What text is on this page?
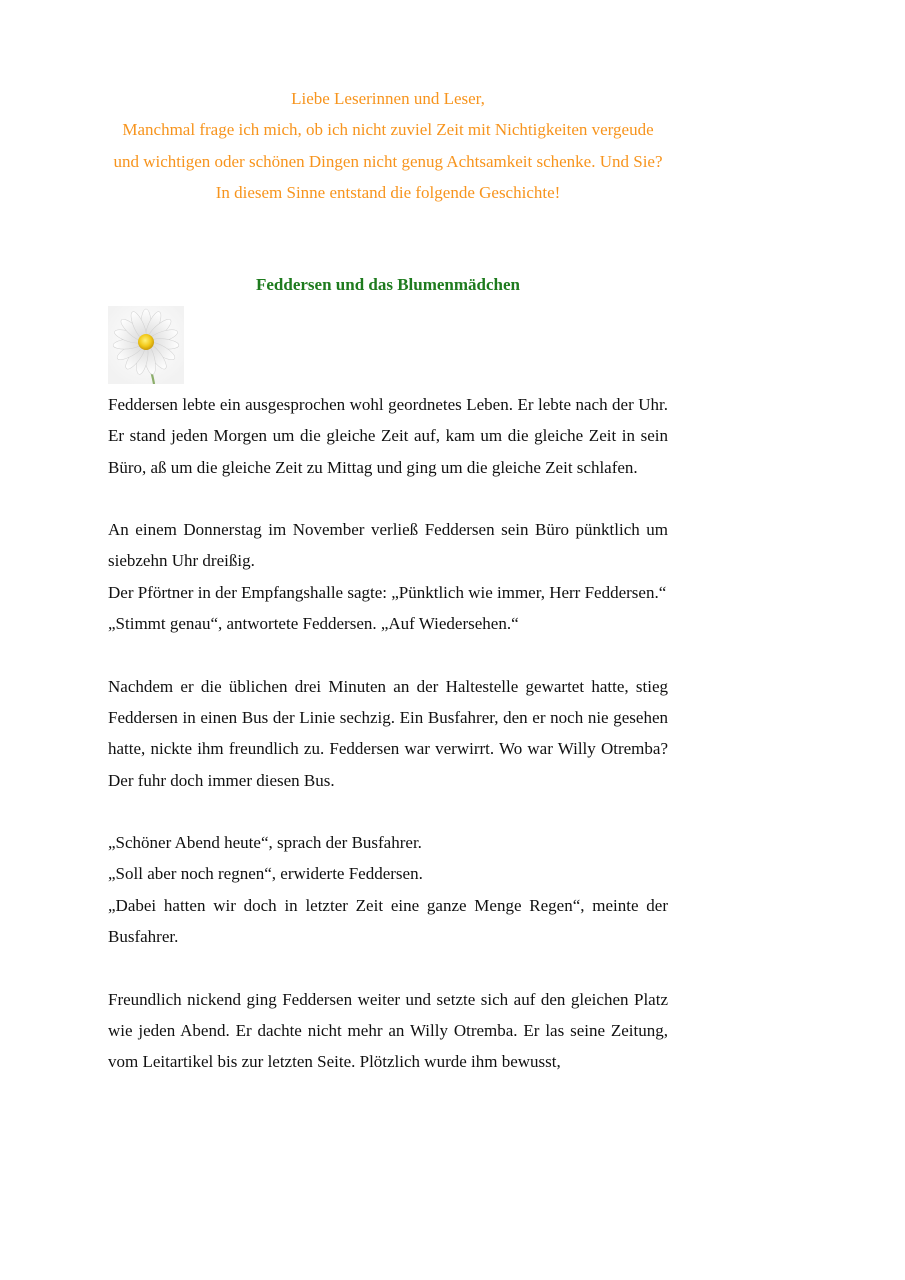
Liebe Leserinnen und Leser,

Manchmal frage ich mich, ob ich nicht zuviel Zeit mit Nichtigkeiten vergeude und wichtigen oder schönen Dingen nicht genug Achtsamkeit schenke. Und Sie?

In diesem Sinne entstand die folgende Geschichte!

Feddersen und das Blumenmädchen

Feddersen lebte ein ausgesprochen wohl geordnetes Leben. Er lebte nach der Uhr. Er stand jeden Morgen um die gleiche Zeit auf, kam um die gleiche Zeit in sein Büro, aß um die gleiche Zeit zu Mittag und ging um die gleiche Zeit schlafen.

An einem Donnerstag im November verließ Feddersen sein Büro pünktlich um siebzehn Uhr dreißig.
Der Pförtner in der Empfangshalle sagte: „Pünktlich wie immer, Herr Feddersen.“
„Stimmt genau“, antwortete Feddersen. „Auf Wiedersehen.“

Nachdem er die üblichen drei Minuten an der Haltestelle gewartet hatte, stieg Feddersen in einen Bus der Linie sechzig. Ein Busfahrer, den er noch nie gesehen hatte, nickte ihm freundlich zu. Feddersen war verwirrt. Wo war Willy Otremba? Der fuhr doch immer diesen Bus.

„Schöner Abend heute“, sprach der Busfahrer.
„Soll aber noch regnen“, erwiderte Feddersen.
„Dabei hatten wir doch in letzter Zeit eine ganze Menge Regen“, meinte der Busfahrer.

Freundlich nickend ging Feddersen weiter und setzte sich auf den gleichen Platz wie jeden Abend. Er dachte nicht mehr an Willy Otremba. Er las seine Zeitung, vom Leitartikel bis zur letzten Seite. Plötzlich wurde ihm bewusst,
